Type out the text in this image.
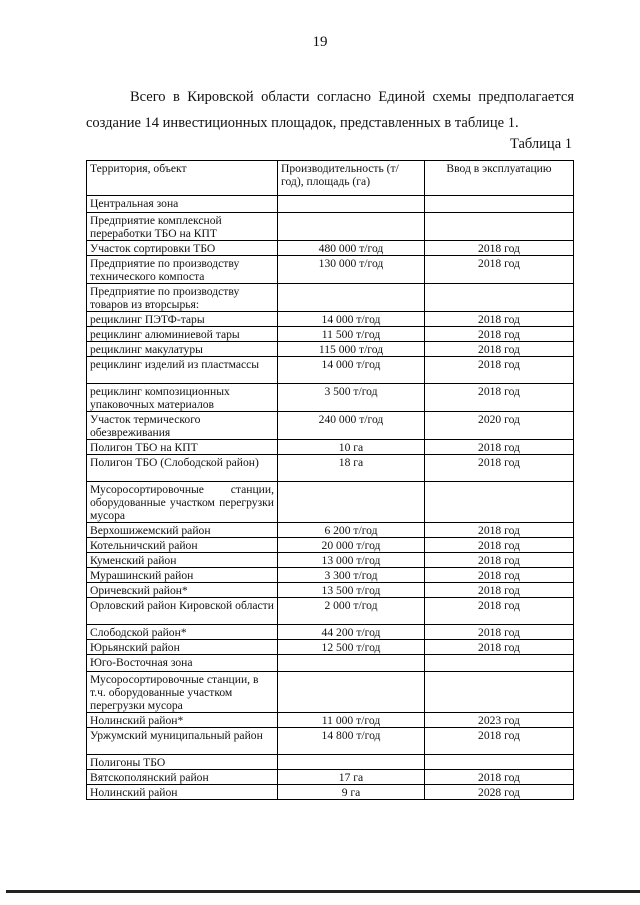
19
Всего в Кировской области согласно Единой схемы предполагается
создание 14 инвестиционных площадок, представленных в таблице 1.
Таблица 1
Территория, объект	Производительность (т/год), площадь (га)	Ввод в эксплуатацию
Центральная зона		
Предприятие комплексной переработки ТБО на КПТ		
Участок сортировки ТБО	480 000 т/год	2018 год
Предприятие по производству технического компоста	130 000 т/год	2018 год
Предприятие по производству товаров из вторсырья:		
рециклинг ПЭТФ-тары	14 000 т/год	2018 год
рециклинг алюминиевой тары	11 500 т/год	2018 год
рециклинг макулатуры	115 000 т/год	2018 год
рециклинг изделий из пластмассы	14 000 т/год	2018 год
рециклинг композиционных упаковочных материалов	3 500 т/год	2018 год
Участок термического обезвреживания	240 000 т/год	2020 год
Полигон ТБО на КПТ	10 га	2018 год
Полигон ТБО (Слободской район)	18 га	2018 год
Мусоросортировочные станции, оборудованные участком перегрузки мусора		
Верхошижемский район	6 200 т/год	2018 год
Котельничский район	20 000 т/год	2018 год
Куменский район	13 000 т/год	2018 год
Мурашинский район	3 300 т/год	2018 год
Оричевский район*	13 500 т/год	2018 год
Орловский район Кировской области	2 000 т/год	2018 год
Слободской район*	44 200 т/год	2018 год
Юрьянский район	12 500 т/год	2018 год
Юго-Восточная зона		
Мусоросортировочные станции, в т.ч. оборудованные участком перегрузки мусора		
Нолинский район*	11 000 т/год	2023 год
Уржумский муниципальный район	14 800 т/год	2018 год
Полигоны ТБО		
Вятскополянский район	17 га	2018 год
Нолинский район	9 га	2028 год
